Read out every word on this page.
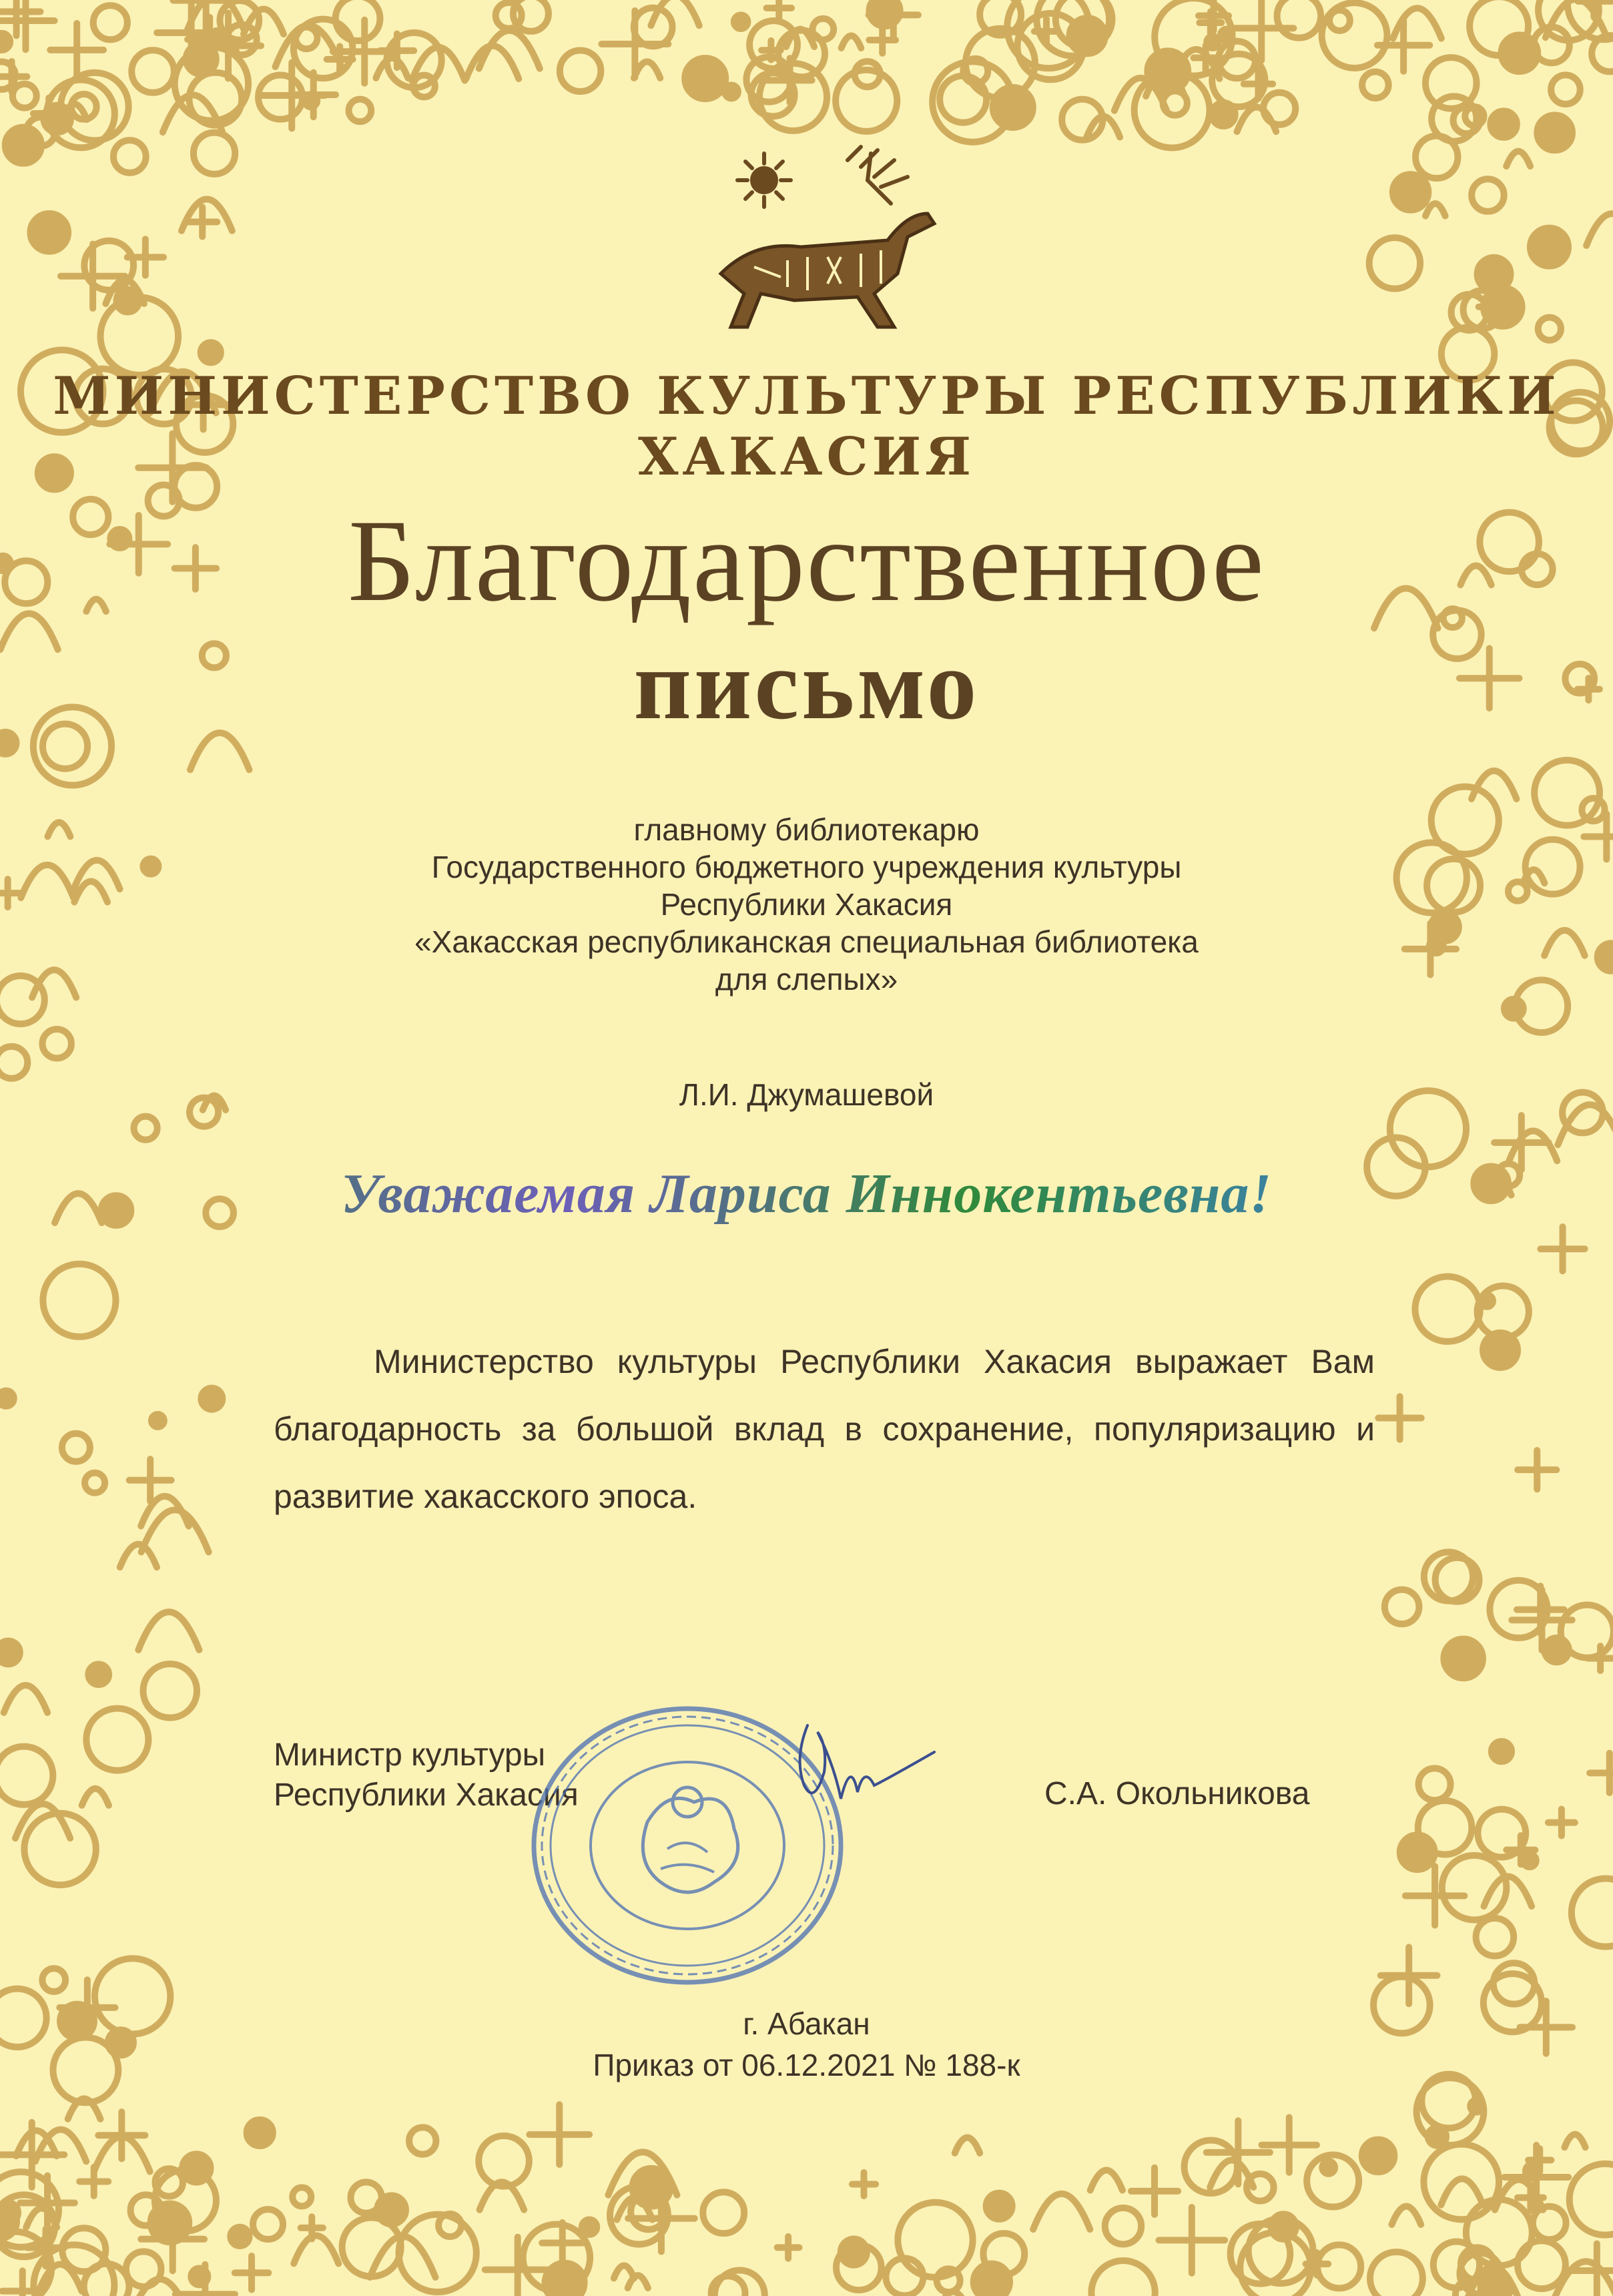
МИНИСТЕРСТВО КУЛЬТУРЫ РЕСПУБЛИКИ ХАКАСИЯ
Благодарственное
письмо
главному библиотекарю
Государственного бюджетного учреждения культуры
Республики Хакасия
«Хакасская республиканская специальная библиотека
для слепых»
Л.И. Джумашевой
Уважаемая Лариса Иннокентьевна!
Министерство культуры Республики Хакасия выражает Вам благодарность за большой вклад в сохранение, популяризацию и развитие хакасского эпоса.
Министр культуры
Республики Хакасия	С.А. Окольникова
г. Абакан
Приказ от 06.12.2021 № 188-к
